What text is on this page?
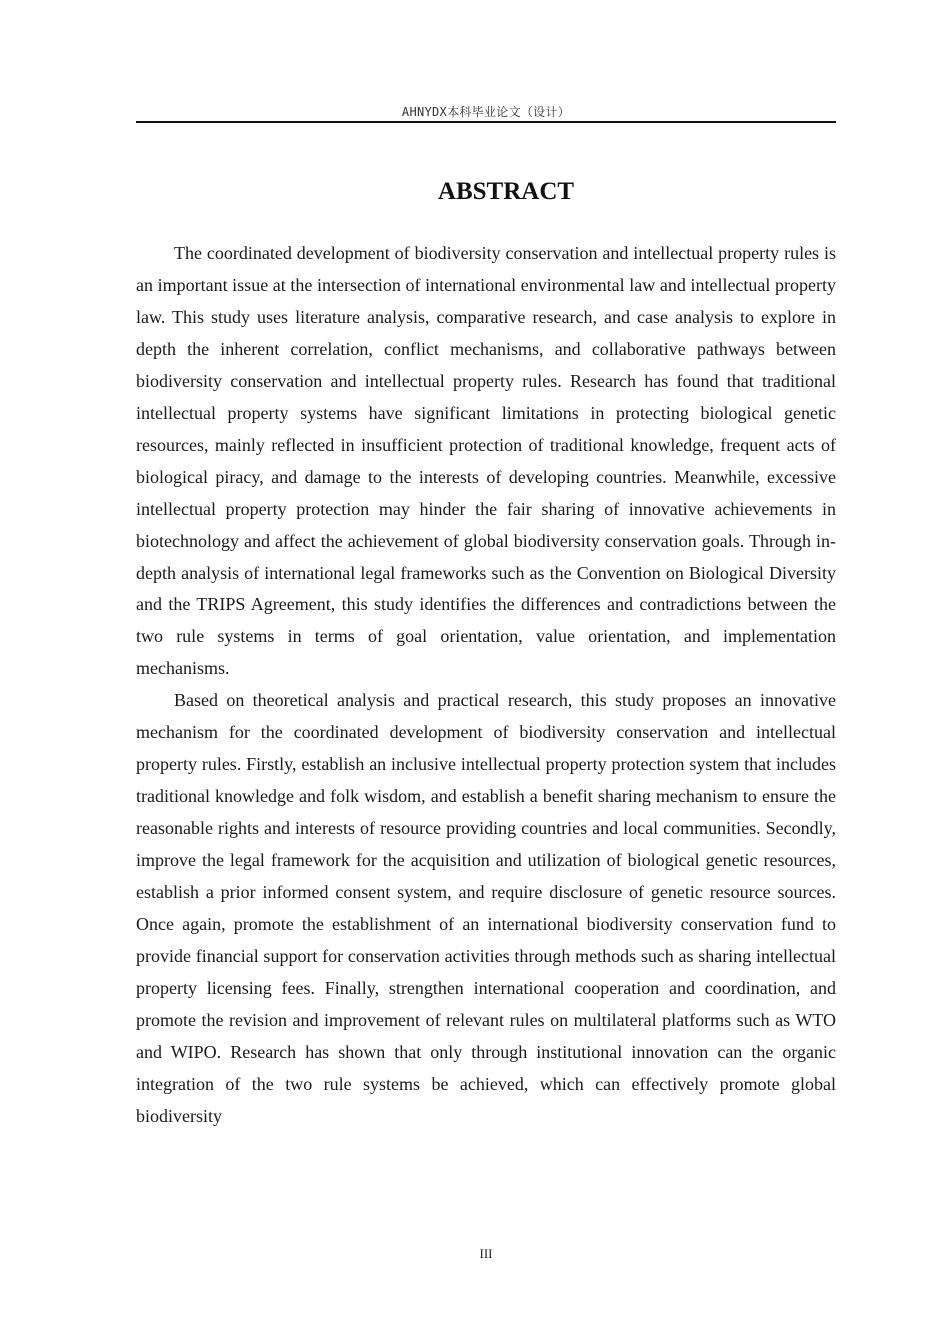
AHNYDX本科毕业论文（设计）
ABSTRACT

The coordinated development of biodiversity conservation and intellectual property rules is an important issue at the intersection of international environmental law and intellectual property law. This study uses literature analysis, comparative research, and case analysis to explore in depth the inherent correlation, conflict mechanisms, and collaborative pathways between biodiversity conservation and intellectual property rules. Research has found that traditional intellectual property systems have significant limitations in protecting biological genetic resources, mainly reflected in insufficient protection of traditional knowledge, frequent acts of biological piracy, and damage to the interests of developing countries. Meanwhile, excessive intellectual property protection may hinder the fair sharing of innovative achievements in biotechnology and affect the achievement of global biodiversity conservation goals. Through in-depth analysis of international legal frameworks such as the Convention on Biological Diversity and the TRIPS Agreement, this study identifies the differences and contradictions between the two rule systems in terms of goal orientation, value orientation, and implementation mechanisms.

Based on theoretical analysis and practical research, this study proposes an innovative mechanism for the coordinated development of biodiversity conservation and intellectual property rules. Firstly, establish an inclusive intellectual property protection system that includes traditional knowledge and folk wisdom, and establish a benefit sharing mechanism to ensure the reasonable rights and interests of resource providing countries and local communities. Secondly, improve the legal framework for the acquisition and utilization of biological genetic resources, establish a prior informed consent system, and require disclosure of genetic resource sources. Once again, promote the establishment of an international biodiversity conservation fund to provide financial support for conservation activities through methods such as sharing intellectual property licensing fees. Finally, strengthen international cooperation and coordination, and promote the revision and improvement of relevant rules on multilateral platforms such as WTO and WIPO. Research has shown that only through institutional innovation can the organic integration of the two rule systems be achieved, which can effectively promote global biodiversity

III
